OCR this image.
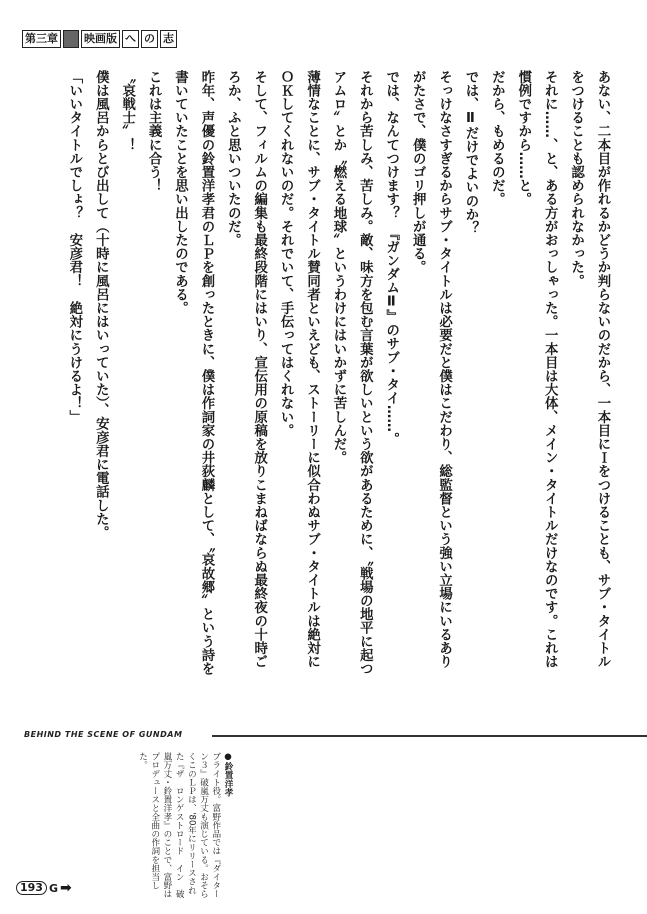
第三章 ■ 映画版 へ の 志

あない、二本目が作れるかどうか判らないのだから、一本目にＩをつけることも、サブ・タイトルをつけることも認められなかった。

それに……、と、ある方がおっしゃった。一本目は大体、メイン・タイトルだけなのです。これは慣例ですから……と。

だから、もめるのだ。

では、Ⅱだけでよいのか？

そっけなさすぎるからサブ・タイトルは必要だと僕はこだわり、総監督という強い立場にいるありがたさで、僕のゴリ押しが通る。

では、なんてつけます？　『ガンダムⅡ』のサブ・タイ……。

それから苦しみ、苦しみ。敵、味方を包む言葉が欲しいという欲があるために、〝戦場の地平に起つアムロ〟とか〝燃える地球〟というわけにはいかずに苦しんだ。

薄情なことに、サブ・タイトル賛同者といえども、ストーリーに似合わぬサブ・タイトルは絶対にＯＫしてくれないのだ。それでいて、手伝ってはくれない。

そして、フィルムの編集も最終段階にはいり、宣伝用の原稿を放りこまねばならぬ最終夜の十時ごろか、ふと思いついたのだ。

昨年、声優の鈴置洋孝君のＬＰを創ったときに、僕は作詞家の井荻麟として、〝哀故郷〟という詩を書いていたことを思い出したのである。

これは主義に合う！

〝哀戦士〟！

僕は風呂からとび出して（十時に風呂にはいっていた）、安彦君に電話した。

「いいタイトルでしょ？　安彦君！　絶対にうけるよ！」

BEHIND THE SCENE OF GUNDAM

●鈴置洋孝

ブライト役。富野作品では『ダイターン３』破嵐万丈も演じている。おそらくこのＬＰは、'80年にリリースされた『ザ　ロンゲストロード　イン　破嵐万丈・鈴置洋孝』のことで、富野はプロデュースと全曲の作詞を担当した。

193 G ➡
